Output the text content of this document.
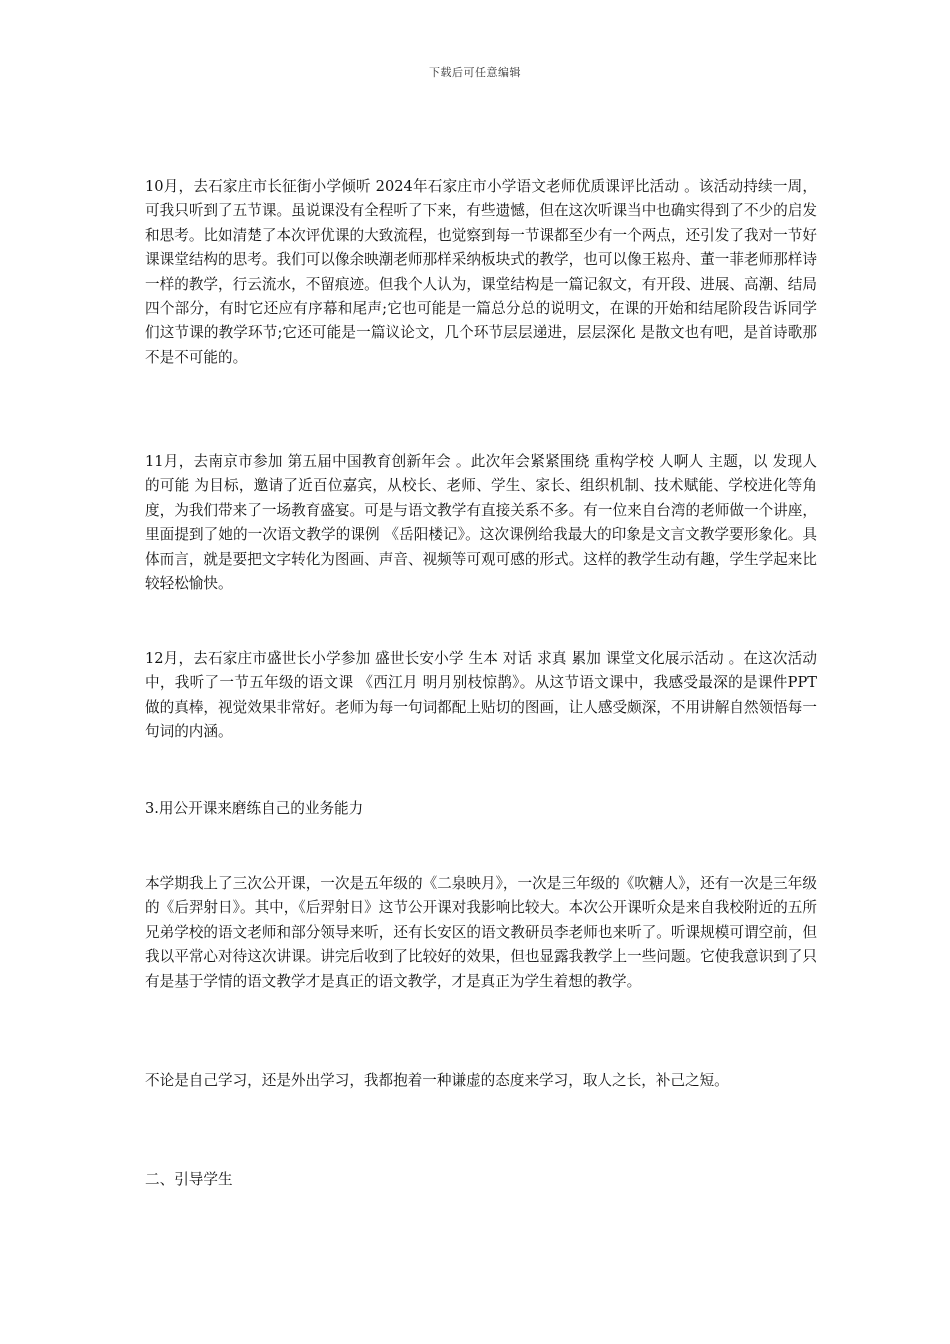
下载后可任意编辑

10月，去石家庄市长征街小学倾听 2024年石家庄市小学语文老师优质课评比活动 。该活动持续一周，可我只听到了五节课。虽说课没有全程听了下来，有些遗憾，但在这次听课当中也确实得到了不少的启发和思考。比如清楚了本次评优课的大致流程，也觉察到每一节课都至少有一个两点，还引发了我对一节好课课堂结构的思考。我们可以像余映潮老师那样采纳板块式的教学，也可以像王崧舟、董一菲老师那样诗一样的教学，行云流水，不留痕迹。但我个人认为，课堂结构是一篇记叙文，有开段、进展、高潮、结局四个部分，有时它还应有序幕和尾声;它也可能是一篇总分总的说明文，在课的开始和结尾阶段告诉同学们这节课的教学环节;它还可能是一篇议论文，几个环节层层递进，层层深化 是散文也有吧，是首诗歌那不是不可能的。

11月，去南京市参加 第五届中国教育创新年会 。此次年会紧紧围绕 重构学校 人啊人 主题，以 发现人的可能 为目标，邀请了近百位嘉宾，从校长、老师、学生、家长、组织机制、技术赋能、学校进化等角度，为我们带来了一场教育盛宴。可是与语文教学有直接关系不多。有一位来自台湾的老师做一个讲座，里面提到了她的一次语文教学的课例 《岳阳楼记》。这次课例给我最大的印象是文言文教学要形象化。具体而言，就是要把文字转化为图画、声音、视频等可观可感的形式。这样的教学生动有趣，学生学起来比较轻松愉快。

12月，去石家庄市盛世长小学参加 盛世长安小学 生本 对话 求真 累加 课堂文化展示活动 。在这次活动中，我听了一节五年级的语文课 《西江月 明月别枝惊鹊》。从这节语文课中，我感受最深的是课件PPT做的真棒，视觉效果非常好。老师为每一句词都配上贴切的图画，让人感受颇深，不用讲解自然领悟每一句词的内涵。

3.用公开课来磨练自己的业务能力

本学期我上了三次公开课，一次是五年级的《二泉映月》，一次是三年级的《吹糖人》，还有一次是三年级的《后羿射日》。其中，《后羿射日》这节公开课对我影响比较大。本次公开课听众是来自我校附近的五所兄弟学校的语文老师和部分领导来听，还有长安区的语文教研员李老师也来听了。听课规模可谓空前，但我以平常心对待这次讲课。讲完后收到了比较好的效果，但也显露我教学上一些问题。它使我意识到了只有是基于学情的语文教学才是真正的语文教学，才是真正为学生着想的教学。

不论是自己学习，还是外出学习，我都抱着一种谦虚的态度来学习，取人之长，补己之短。

二、引导学生
